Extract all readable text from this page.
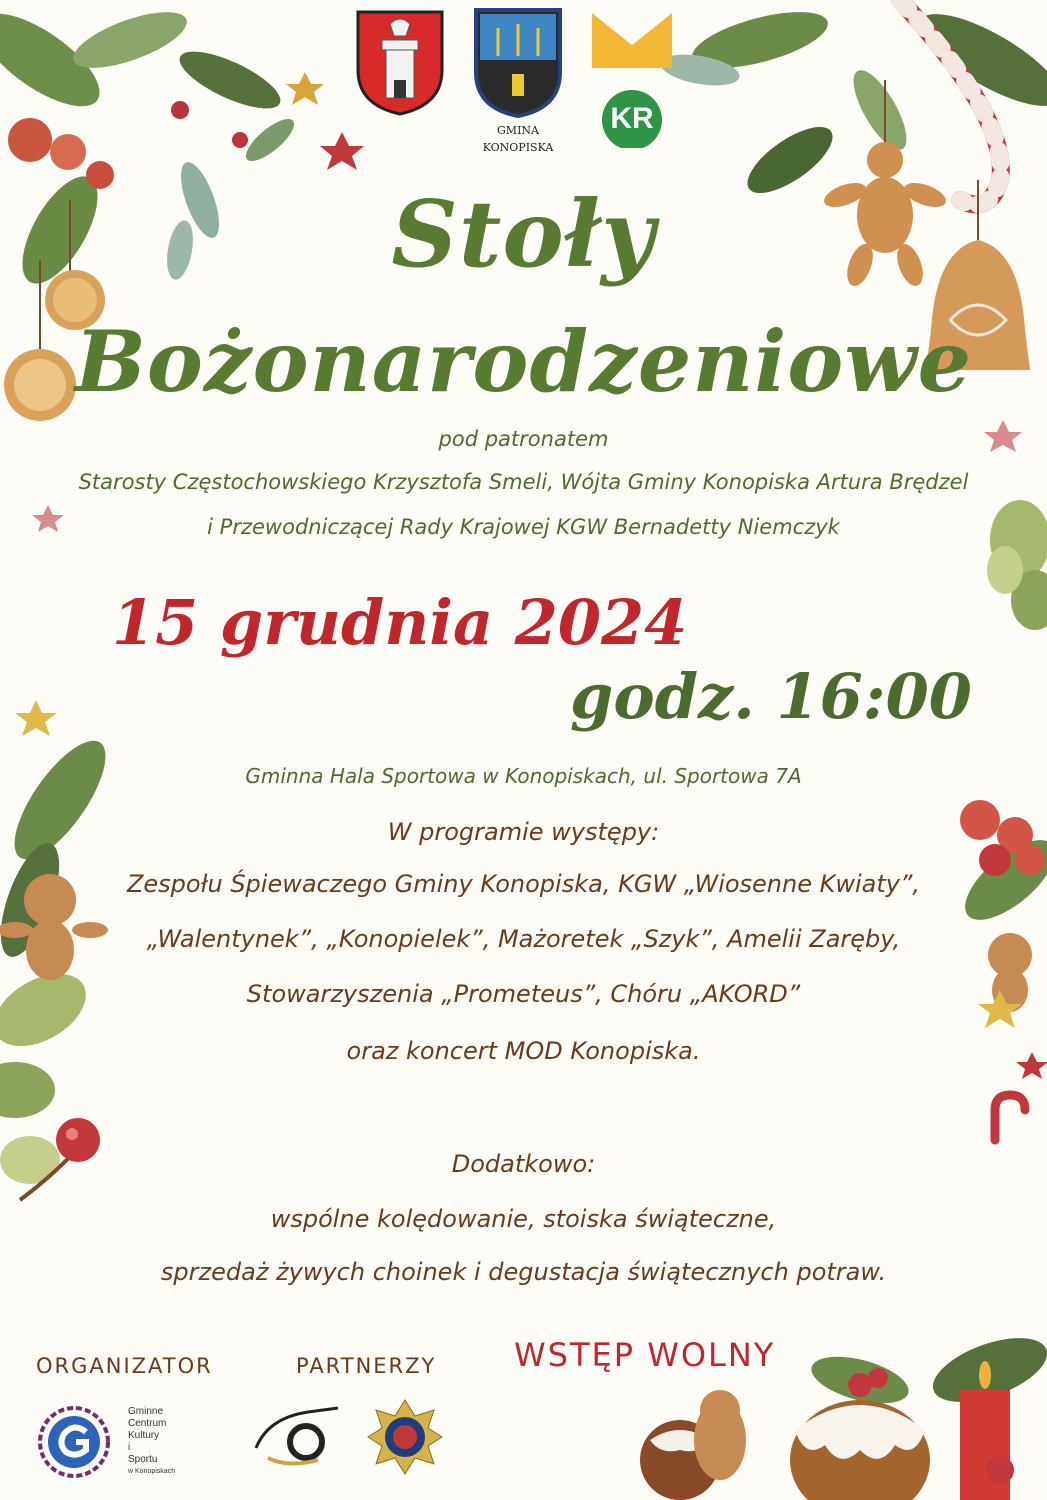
GMINA
KONOPISKA
KR
Stoły
Bożonarodzeniowe
pod patronatem
Starosty Częstochowskiego Krzysztofa Smeli, Wójta Gminy Konopiska Artura Brędzel
i Przewodniczącej Rady Krajowej KGW Bernadetty Niemczyk
15 grudnia 2024
godz. 16:00
Gminna Hala Sportowa w Konopiskach, ul. Sportowa 7A
W programie występy:
Zespołu Śpiewaczego Gminy Konopiska, KGW „Wiosenne Kwiaty”,
„Walentynek”, „Konopielek”, Mażoretek „Szyk”, Amelii Zaręby,
Stowarzyszenia „Prometeus”, Chóru „AKORD”
oraz koncert MOD Konopiska.
Dodatkowo:
wspólne kolędowanie, stoiska świąteczne,
sprzedaż żywych choinek i degustacja świątecznych potraw.
ORGANIZATOR	PARTNERZY WSTĘP WOLNY
Gminne
Centrum
Kultury
i
Sportu
w Konopiskach
